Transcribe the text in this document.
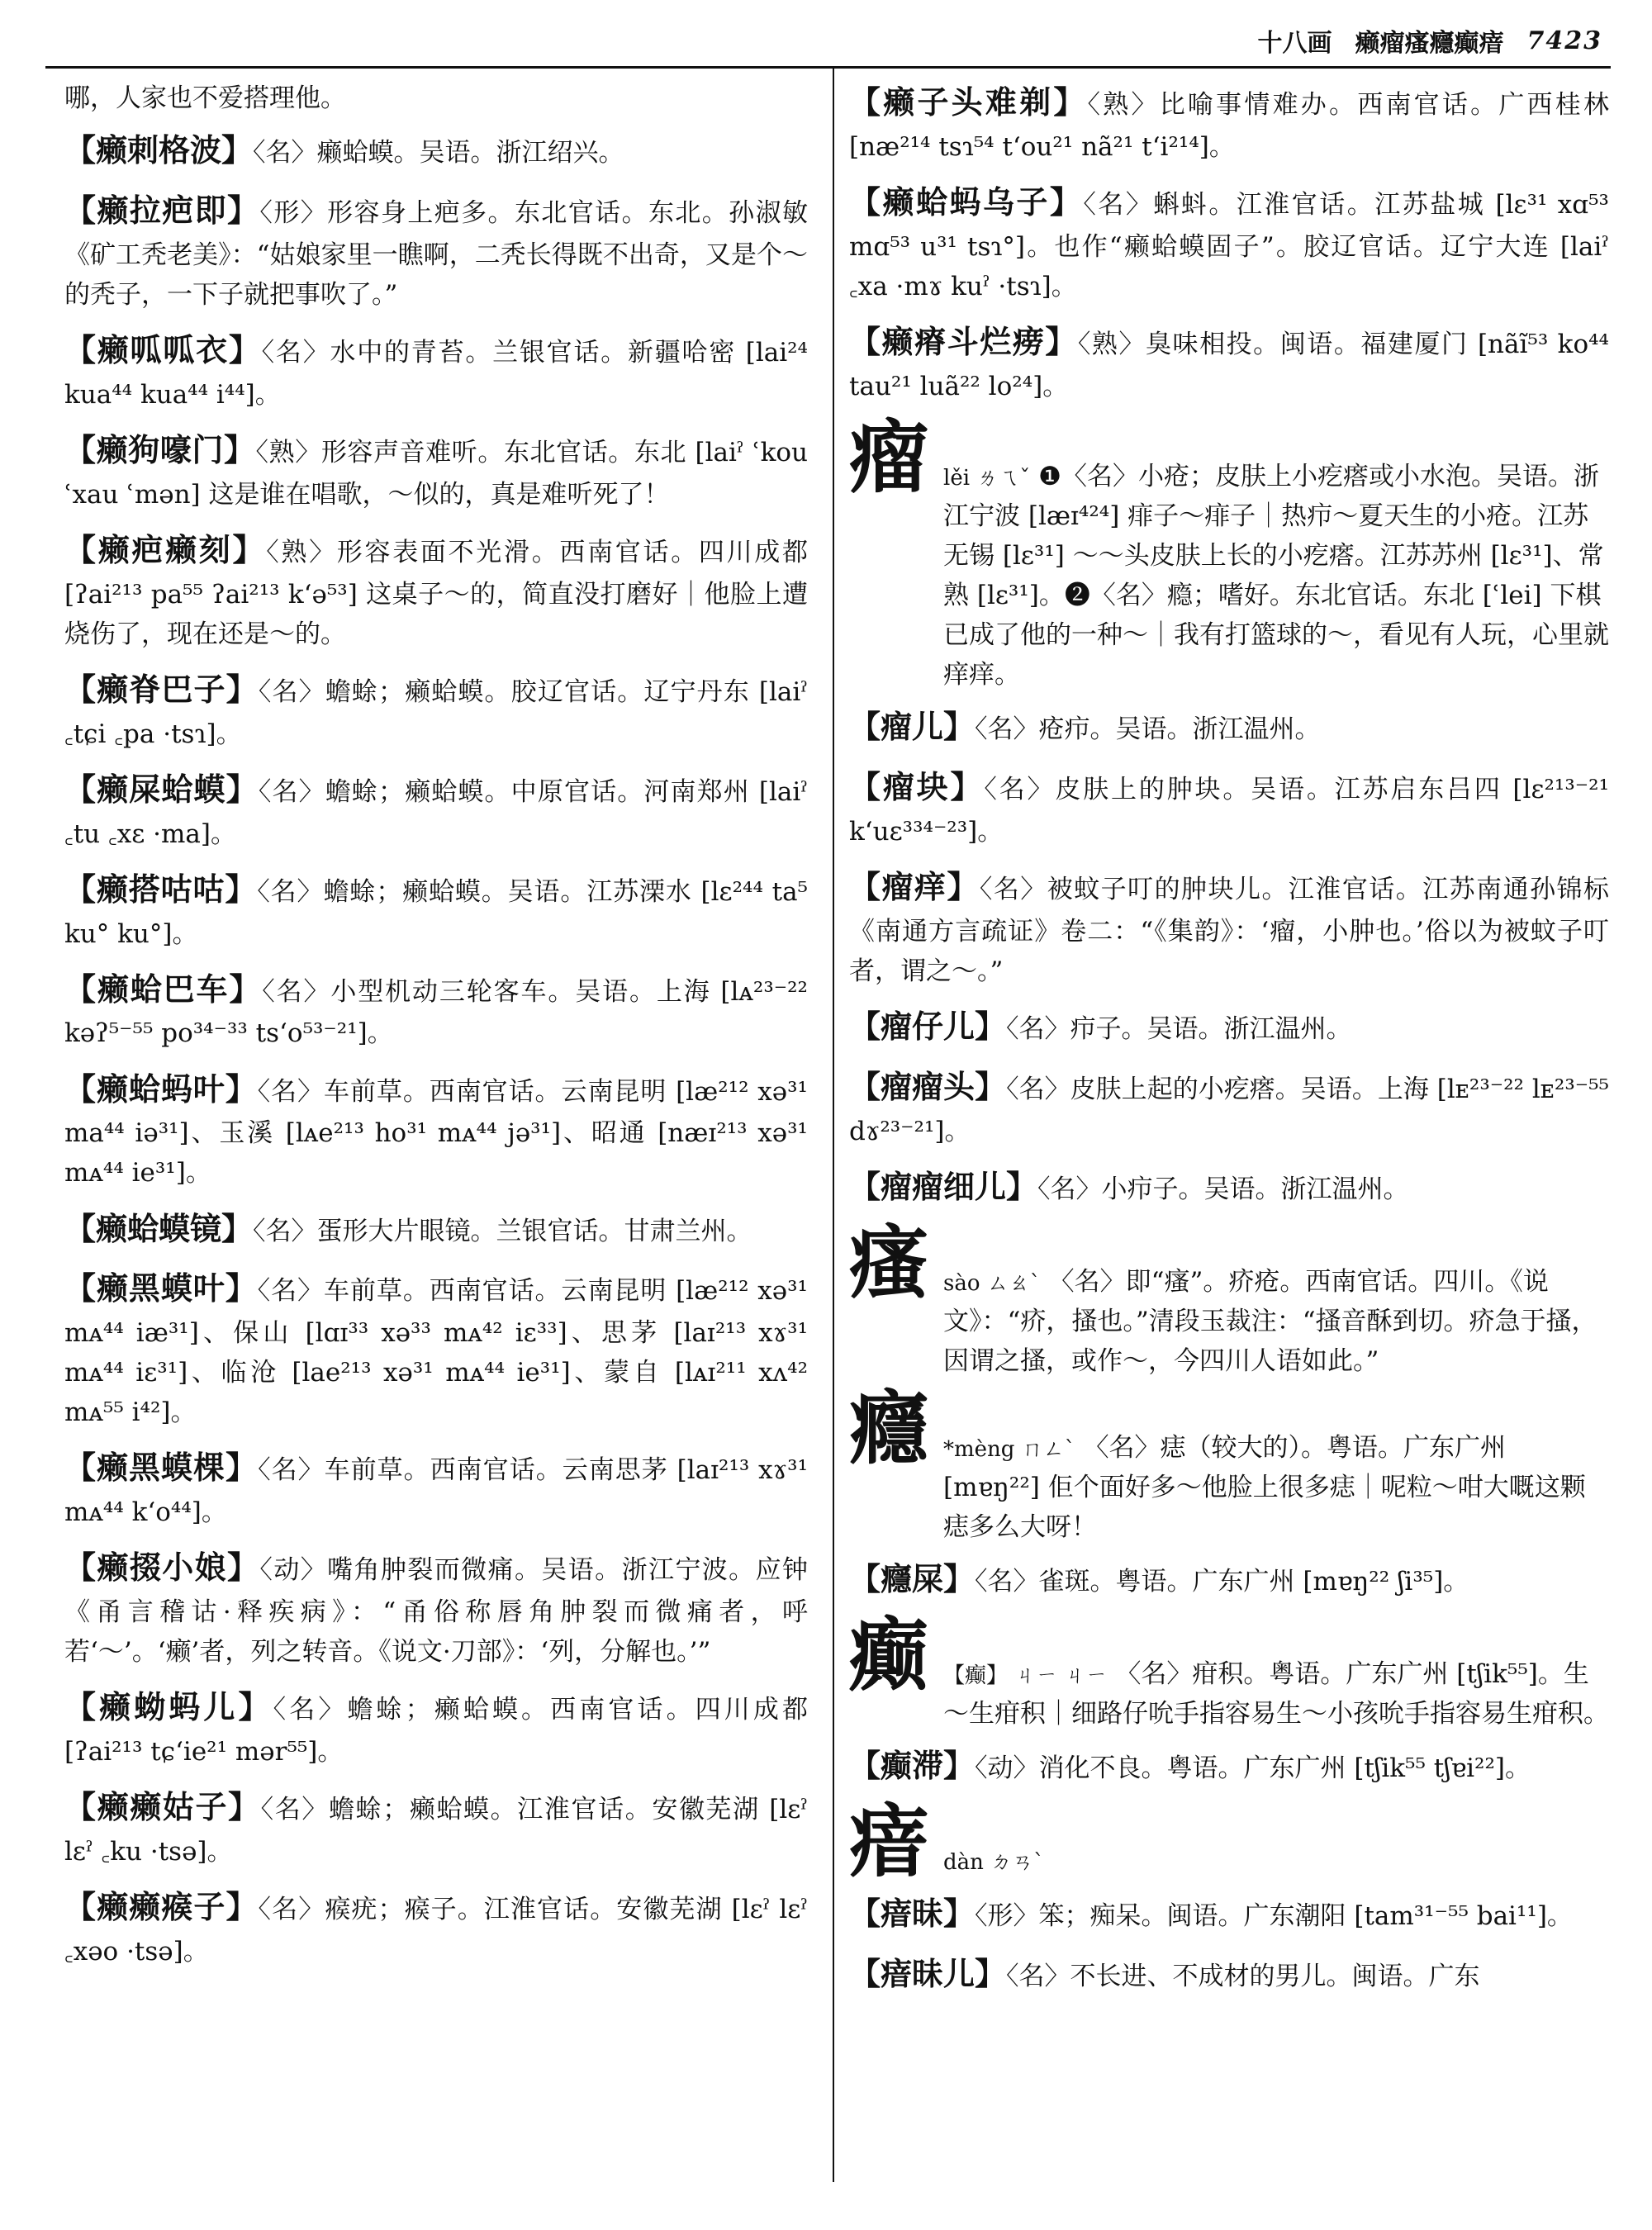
十八画 癞瘤瘙癮癫瘖 7423
哪，人家也不爱搭理他。
【癞刺格波】〈名〉癞蛤蟆。吴语。浙江绍兴。
【癞拉疤即】〈形〉形容身上疤多。东北官话。东北。孙淑敏《矿工秃老美》：“姑娘家里一瞧啊，二秃长得既不出奇，又是个～的秃子，一下子就把事吹了。”
【癞呱呱衣】〈名〉水中的青苔。兰银官话。新疆哈密 [lai²⁴ kua⁴⁴ kua⁴⁴ i⁴⁴]。
【癞狗嚎门】〈熟〉形容声音难听。东北官话。东北 [laiˀ ʿkou ʿxau ʿmən] 这是谁在唱歌，～似的，真是难听死了！
【癞疤癞刻】〈熟〉形容表面不光滑。西南官话。四川成都 [ʔai²¹³ pa⁵⁵ ʔai²¹³ kʻə⁵³] 这桌子～的，简直没打磨好｜他脸上遭烧伤了，现在还是～的。
【癞脊巴子】〈名〉蟾蜍；癞蛤蟆。胶辽官话。辽宁丹东 [laiˀ ꜀tɕi ꜀pa ·tsɿ]。
【癞屎蛤蟆】〈名〉蟾蜍；癞蛤蟆。中原官话。河南郑州 [laiˀ ꜀tu ꜀xɛ ·ma]。
【癞搭咕咕】〈名〉蟾蜍；癞蛤蟆。吴语。江苏溧水 [lɛ²⁴⁴ ta⁵ ku° ku°]。
【癞蛤巴车】〈名〉小型机动三轮客车。吴语。上海 [lᴀ²³⁻²² kəʔ⁵⁻⁵⁵ po³⁴⁻³³ tsʻo⁵³⁻²¹]。
【癞蛤蚂叶】〈名〉车前草。西南官话。云南昆明 [læ²¹² xə³¹ ma⁴⁴ iə³¹]、玉溪 [lᴀe²¹³ ho³¹ mᴀ⁴⁴ jə³¹]、昭通 [næɪ²¹³ xə³¹ mᴀ⁴⁴ ie³¹]。
【癞蛤蟆镜】〈名〉蛋形大片眼镜。兰银官话。甘肃兰州。
【癞黑蟆叶】〈名〉车前草。西南官话。云南昆明 [læ²¹² xə³¹ mᴀ⁴⁴ iæ³¹]、保山 [lɑɪ³³ xə³³ mᴀ⁴² iɛ³³]、思茅 [laɪ²¹³ xɤ³¹ mᴀ⁴⁴ iɛ³¹]、临沧 [lae²¹³ xə³¹ mᴀ⁴⁴ ie³¹]、蒙自 [lᴀɪ²¹¹ xᴧ⁴² mᴀ⁵⁵ i⁴²]。
【癞黑蟆棵】〈名〉车前草。西南官话。云南思茅 [laɪ²¹³ xɤ³¹ mᴀ⁴⁴ kʻo⁴⁴]。
【癞掇小娘】〈动〉嘴角肿裂而微痛。吴语。浙江宁波。应钟《甬言稽诂·释疾病》：“甬俗称唇角肿裂而微痛者，呼若‘～’。‘癞’者，列之转音。《说文·刀部》：‘列，分解也。’”
【癞蚴蚂儿】〈名〉蟾蜍；癞蛤蟆。西南官话。四川成都 [ʔai²¹³ tɕʻie²¹ mər⁵⁵]。
【癞癞姑子】〈名〉蟾蜍；癞蛤蟆。江淮官话。安徽芜湖 [lɛˀ lɛˀ ꜀ku ·tsə]。
【癞癞瘊子】〈名〉瘊疣；瘊子。江淮官话。安徽芜湖 [lɛˀ lɛˀ ꜀xəo ·tsə]。
【癞子头难剃】〈熟〉比喻事情难办。西南官话。广西桂林 [næ²¹⁴ tsɿ⁵⁴ tʻou²¹ nã²¹ tʻi²¹⁴]。
【癞蛤蚂乌子】〈名〉蝌蚪。江淮官话。江苏盐城 [lɛ³¹ xɑ⁵³ mɑ⁵³ u³¹ tsɿ°]。也作“癞蛤蟆固子”。胶辽官话。辽宁大连 [laiˀ ꜀xa ·mɤ kuˀ ·tsɿ]。
【癞瘠斗烂痨】〈熟〉臭味相投。闽语。福建厦门 [nãĩ⁵³ ko⁴⁴ tau²¹ luã²² lo²⁴]。
瘤 lěi ㄌㄟˇ ❶〈名〉小疮；皮肤上小疙瘩或小水泡。吴语。浙江宁波 [læɪ⁴²⁴] 痱子～痱子｜热疖～夏天生的小疮。江苏无锡 [lɛ³¹] ～～头皮肤上长的小疙瘩。江苏苏州 [lɛ³¹]、常熟 [lɛ³¹]。❷〈名〉瘾；嗜好。东北官话。东北 [ʿlei] 下棋已成了他的一种～｜我有打篮球的～，看见有人玩，心里就痒痒。
【瘤儿】〈名〉疮疖。吴语。浙江温州。
【瘤块】〈名〉皮肤上的肿块。吴语。江苏启东吕四 [lɛ²¹³⁻²¹ kʻuɛ³³⁴⁻²³]。
【瘤痒】〈名〉被蚊子叮的肿块儿。江淮官话。江苏南通孙锦标《南通方言疏证》卷二：“《集韵》：‘瘤，小肿也。’俗以为被蚊子叮者，谓之～。”
【瘤仔儿】〈名〉疖子。吴语。浙江温州。
【瘤瘤头】〈名〉皮肤上起的小疙瘩。吴语。上海 [lᴇ²³⁻²² lᴇ²³⁻⁵⁵ dɤ²³⁻²¹]。
【瘤瘤细儿】〈名〉小疖子。吴语。浙江温州。
瘙 sào ㄙㄠˋ 〈名〉即“瘙”。疥疮。西南官话。四川。《说文》：“疥，搔也。”清段玉裁注：“搔音酥到切。疥急于搔，因谓之搔，或作～，今四川人语如此。”
癮 *mèng ㄇㄥˋ 〈名〉痣（较大的）。粤语。广东广州 [mɐŋ²²] 佢个面好多～他脸上很多痣｜呢粒～咁大嘅这颗痣多么大呀！
【癮屎】〈名〉雀斑。粤语。广东广州 [mɐŋ²² ʃi³⁵]。
癫 【癫】 ㄐㄧ ㄐㄧ 〈名〉疳积。粤语。广东广州 [tʃik⁵⁵]。生～生疳积｜细路仔吮手指容易生～小孩吮手指容易生疳积。
【癫滞】〈动〉消化不良。粤语。广东广州 [tʃik⁵⁵ tʃɐi²²]。
瘖 dàn ㄉㄢˋ
【瘖昧】〈形〉笨；痴呆。闽语。广东潮阳 [tam³¹⁻⁵⁵ bai¹¹]。
【瘖昧儿】〈名〉不长进、不成材的男儿。闽语。广东
